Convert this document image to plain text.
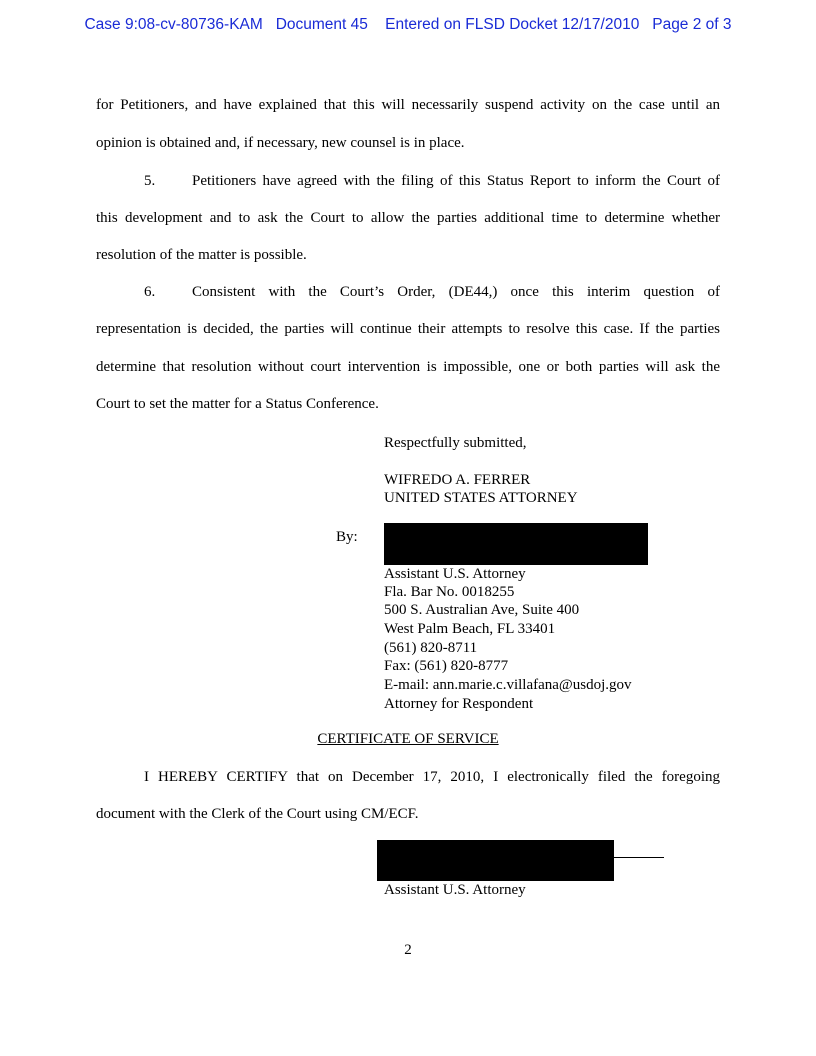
Case 9:08-cv-80736-KAM   Document 45    Entered on FLSD Docket 12/17/2010   Page 2 of 3
for Petitioners, and have explained that this will necessarily suspend activity on the case until an
opinion is obtained and, if necessary, new counsel is in place.
5.	Petitioners have agreed with the filing of this Status Report to inform the Court of
this development and to ask the Court to allow the parties additional time to determine whether
resolution of the matter is possible.
6.	Consistent with the Court’s Order, (DE44,) once this interim question of
representation is decided, the parties will continue their attempts to resolve this case. If the parties
determine that resolution without court intervention is impossible, one or both parties will ask the
Court to set the matter for a Status Conference.
Respectfully submitted,
WIFREDO A. FERRER
UNITED STATES ATTORNEY
By:
Assistant U.S. Attorney
Fla. Bar No. 0018255
500 S. Australian Ave, Suite 400
West Palm Beach, FL 33401
(561) 820-8711
Fax: (561) 820-8777
E-mail: ann.marie.c.villafana@usdoj.gov
Attorney for Respondent
CERTIFICATE OF SERVICE
I HEREBY CERTIFY that on December 17, 2010, I electronically filed the foregoing
document with the Clerk of the Court using CM/ECF.
Assistant U.S. Attorney
2
